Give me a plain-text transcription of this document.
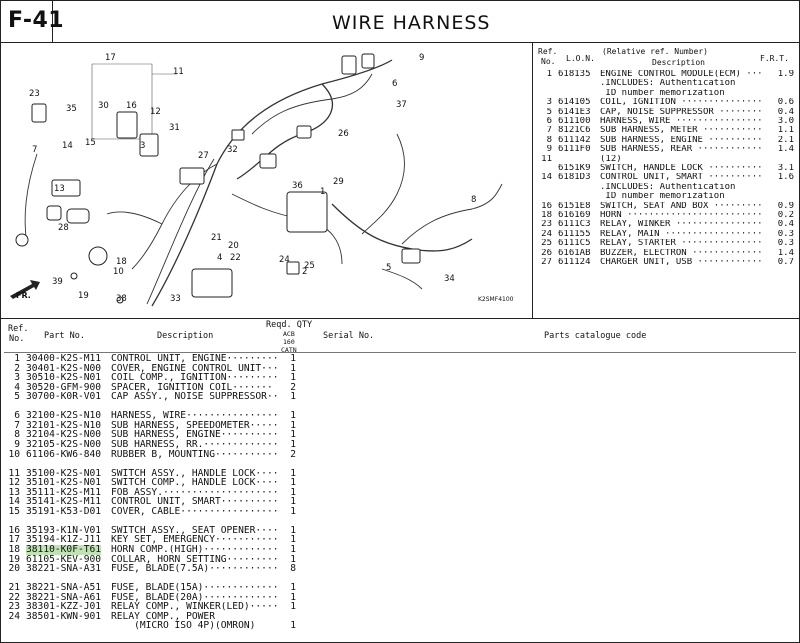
F-41	WIRE HARNESS
1
2
3
4
5
6
7
8
9
10
11
12
13
14 15
16
17
18
19
20
21
22
23
24
25
26
27
28
29
30
31
32
33
34
35
36
37
38
39
FR.	K2SMF4100
Ref.
No. L.O.N.
(Relative ref. Number)
Description	F.R.T.
1 618135	ENGINE CONTROL MODULE(ECM) ···	1.9
.INCLUDES: Authentication
ID number memorization
3 614105	COIL, IGNITION ···············	0.6
5 6141E3	CAP, NOISE SUPPRESSOR ········	0.4
6 611100	HARNESS, WIRE ················	3.0
7 8121C6	SUB HARNESS, METER ···········	1.1
8 611142	SUB HARNESS, ENGINE ··········	2.1
9 6111F0	SUB HARNESS, REAR ············	1.4
11	(12)
6151K9	SWITCH, HANDLE LOCK ··········	3.1
14 6181D3	CONTROL UNIT, SMART ··········	1.6
.INCLUDES: Authentication
ID number memorization
16 6151E8	SWITCH, SEAT AND BOX ·········	0.9
18 616169	HORN ·························	0.2
23 6111C3	RELAY, WINKER ················	0.4
24 611155	RELAY, MAIN ··················	0.3
25 6111C5	RELAY, STARTER ···············	0.3
26 6161AB	BUZZER, ELECTRON ·············	1.4
27 611124	CHARGER UNIT, USB ············	0.7
Ref.
No. Part No.	Description
Reqd. QTY
ACB
160
CATN
Serial No.	Parts catalogue code
1 30400-K2S-M11	CONTROL UNIT, ENGINE·········	1
2 30401-K2S-N00	COVER, ENGINE CONTROL UNIT···	1
3 30510-K2S-N01	COIL COMP., IGNITION·········	1
4 30520-GFM-900	SPACER, IGNITION COIL·······	2
5 30700-K0R-V01	CAP ASSY., NOISE SUPPRESSOR··	1
6 32100-K2S-N10	HARNESS, WIRE················	1
7 32101-K2S-N10	SUB HARNESS, SPEEDOMETER·····	1
8 32104-K2S-N00	SUB HARNESS, ENGINE··········	1
9 32105-K2S-N00	SUB HARNESS, RR.·············	1
10 61106-KW6-840	RUBBER B, MOUNTING···········	2
11 35100-K2S-N01	SWITCH ASSY., HANDLE LOCK····	1
12 35101-K2S-N01	SWITCH COMP., HANDLE LOCK····	1
13 35111-K2S-M11	FOB ASSY.····················	1
14 35141-K2S-M11	CONTROL UNIT, SMART··········	1
15 35191-K53-D01	COVER, CABLE·················	1
16 35193-K1N-V01	SWITCH ASSY., SEAT OPENER····	1
17 35194-K1Z-J11	KEY SET, EMERGENCY···········	1
18 38110-K0F-T61 HORN COMP.(HIGH)·············	1
19 61105-KEV-900	COLLAR, HORN SETTING·········	1
20 38221-SNA-A31	FUSE, BLADE(7.5A)············	8
21 38221-SNA-A51	FUSE, BLADE(15A)·············	1
22 38221-SNA-A61	FUSE, BLADE(20A)·············	1
23 38301-KZZ-J01	RELAY COMP., WINKER(LED)·····	1
24 38501-KWN-901	RELAY COMP., POWER
(MICRO ISO 4P)(OMRON)	1
